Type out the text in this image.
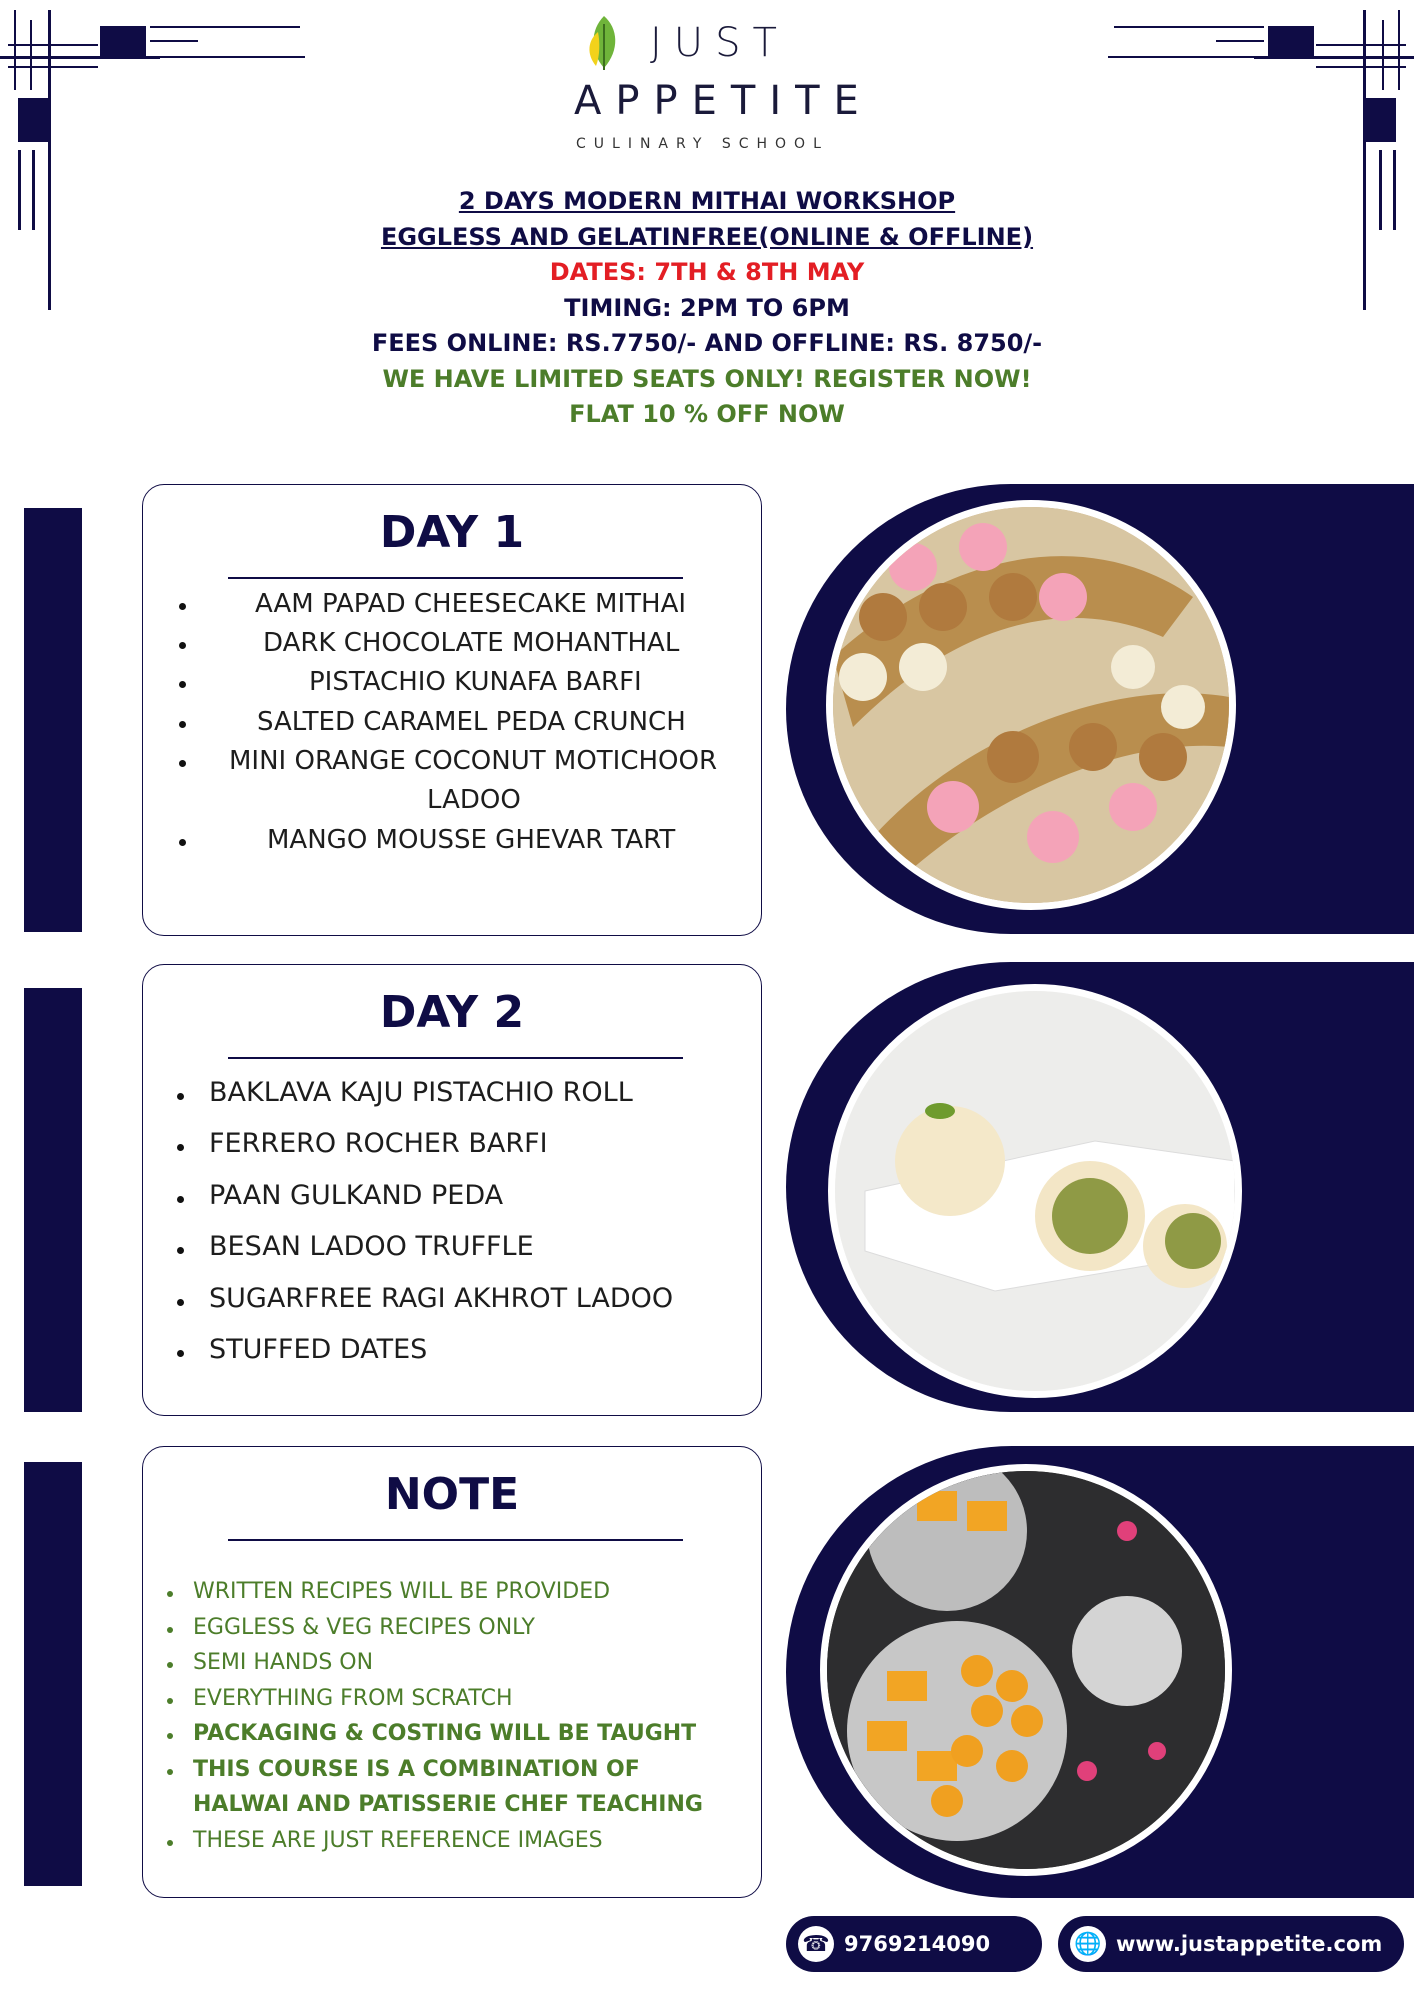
JUST
APPETITE
CULINARY SCHOOL
2 DAYS MODERN MITHAI WORKSHOP
EGGLESS AND GELATINFREE(ONLINE & OFFLINE)
DATES: 7TH & 8TH MAY
TIMING: 2PM TO 6PM
FEES ONLINE: RS.7750/- AND OFFLINE: RS. 8750/-
WE HAVE LIMITED SEATS ONLY! REGISTER NOW!
FLAT 10 % OFF NOW
DAY 1
AAM PAPAD CHEESECAKE MITHAI
DARK CHOCOLATE MOHANTHAL
PISTACHIO KUNAFA BARFI
SALTED CARAMEL PEDA CRUNCH
MINI ORANGE COCONUT MOTICHOOR
LADOO
MANGO MOUSSE GHEVAR TART
DAY 2
BAKLAVA KAJU PISTACHIO ROLL
FERRERO ROCHER BARFI
PAAN GULKAND PEDA
BESAN LADOO TRUFFLE
SUGARFREE RAGI AKHROT LADOO
STUFFED DATES
NOTE
WRITTEN RECIPES WILL BE PROVIDED
EGGLESS & VEG RECIPES ONLY
SEMI HANDS ON
EVERYTHING FROM SCRATCH
PACKAGING & COSTING WILL BE TAUGHT
THIS COURSE IS A COMBINATION OF
HALWAI AND PATISSERIE CHEF TEACHING
THESE ARE JUST REFERENCE IMAGES
☎ 9769214090	🌐 www.justappetite.com
